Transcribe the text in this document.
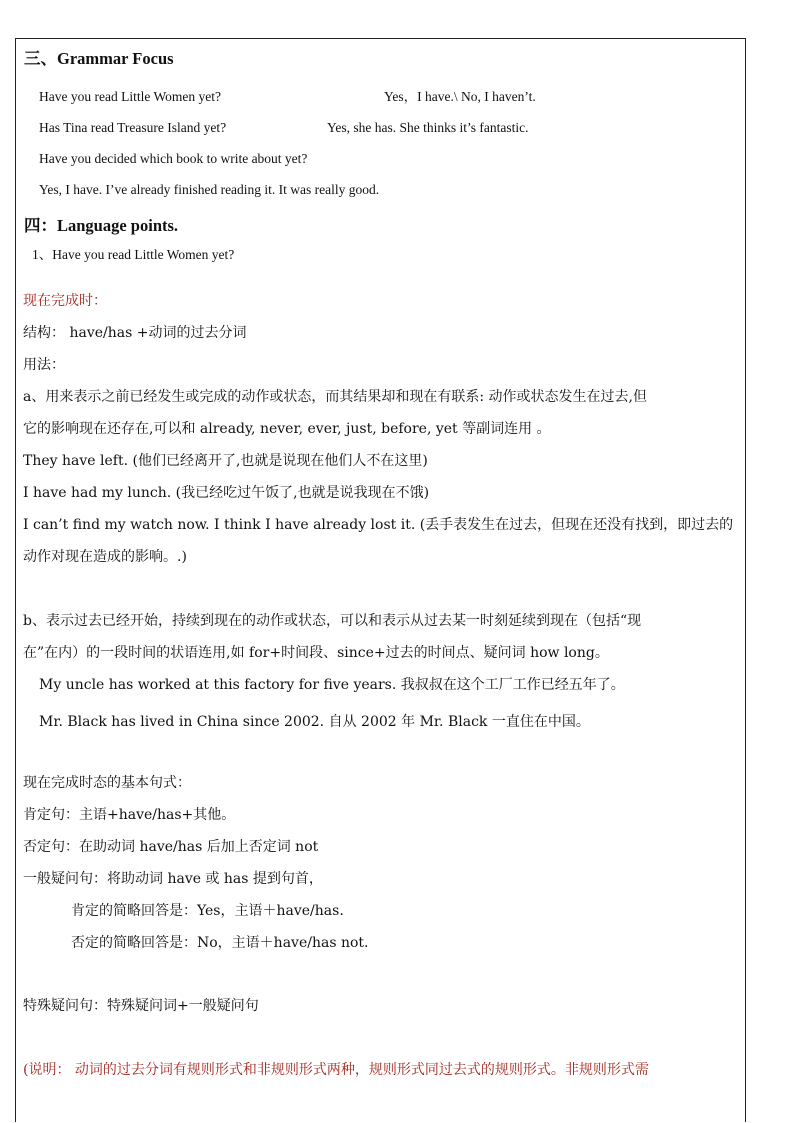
三、Grammar Focus
Have you read Little Women yet?	Yes，I have.\ No, I haven’t.
Has Tina read Treasure Island yet?	Yes, she has. She thinks it’s fantastic.
Have you decided which book to write about yet?
Yes, I have. I’ve already finished reading it. It was really good.
四：Language points.
1、Have you read Little Women yet?
现在完成时：
结构： have/has +动词的过去分词
用法：
a、用来表示之前已经发生或完成的动作或状态，而其结果却和现在有联系: 动作或状态发生在过去,但
它的影响现在还存在,可以和 already, never, ever, just, before, yet 等副词连用 。
They have left. (他们已经离开了,也就是说现在他们人不在这里)
I have had my lunch. (我已经吃过午饭了,也就是说我现在不饿)
I can’t find my watch now. I think I have already lost it. (丢手表发生在过去，但现在还没有找到，即过去的
动作对现在造成的影响。.)
b、表示过去已经开始，持续到现在的动作或状态，可以和表示从过去某一时刻延续到现在（包括“现
在”在内）的一段时间的状语连用,如 for+时间段、since+过去的时间点、疑问词 how long。
My uncle has worked at this factory for five years. 我叔叔在这个工厂工作已经五年了。
Mr. Black has lived in China since 2002. 自从 2002 年 Mr. Black 一直住在中国。
现在完成时态的基本句式：
肯定句：主语+have/has+其他。
否定句：在助动词 have/has 后加上否定词 not
一般疑问句：将助动词 have 或 has 提到句首，
肯定的简略回答是：Yes，主语＋have/has.
否定的简略回答是：No，主语＋have/has not.
特殊疑问句：特殊疑问词+一般疑问句
(说明： 动词的过去分词有规则形式和非规则形式两种，规则形式同过去式的规则形式。非规则形式需
